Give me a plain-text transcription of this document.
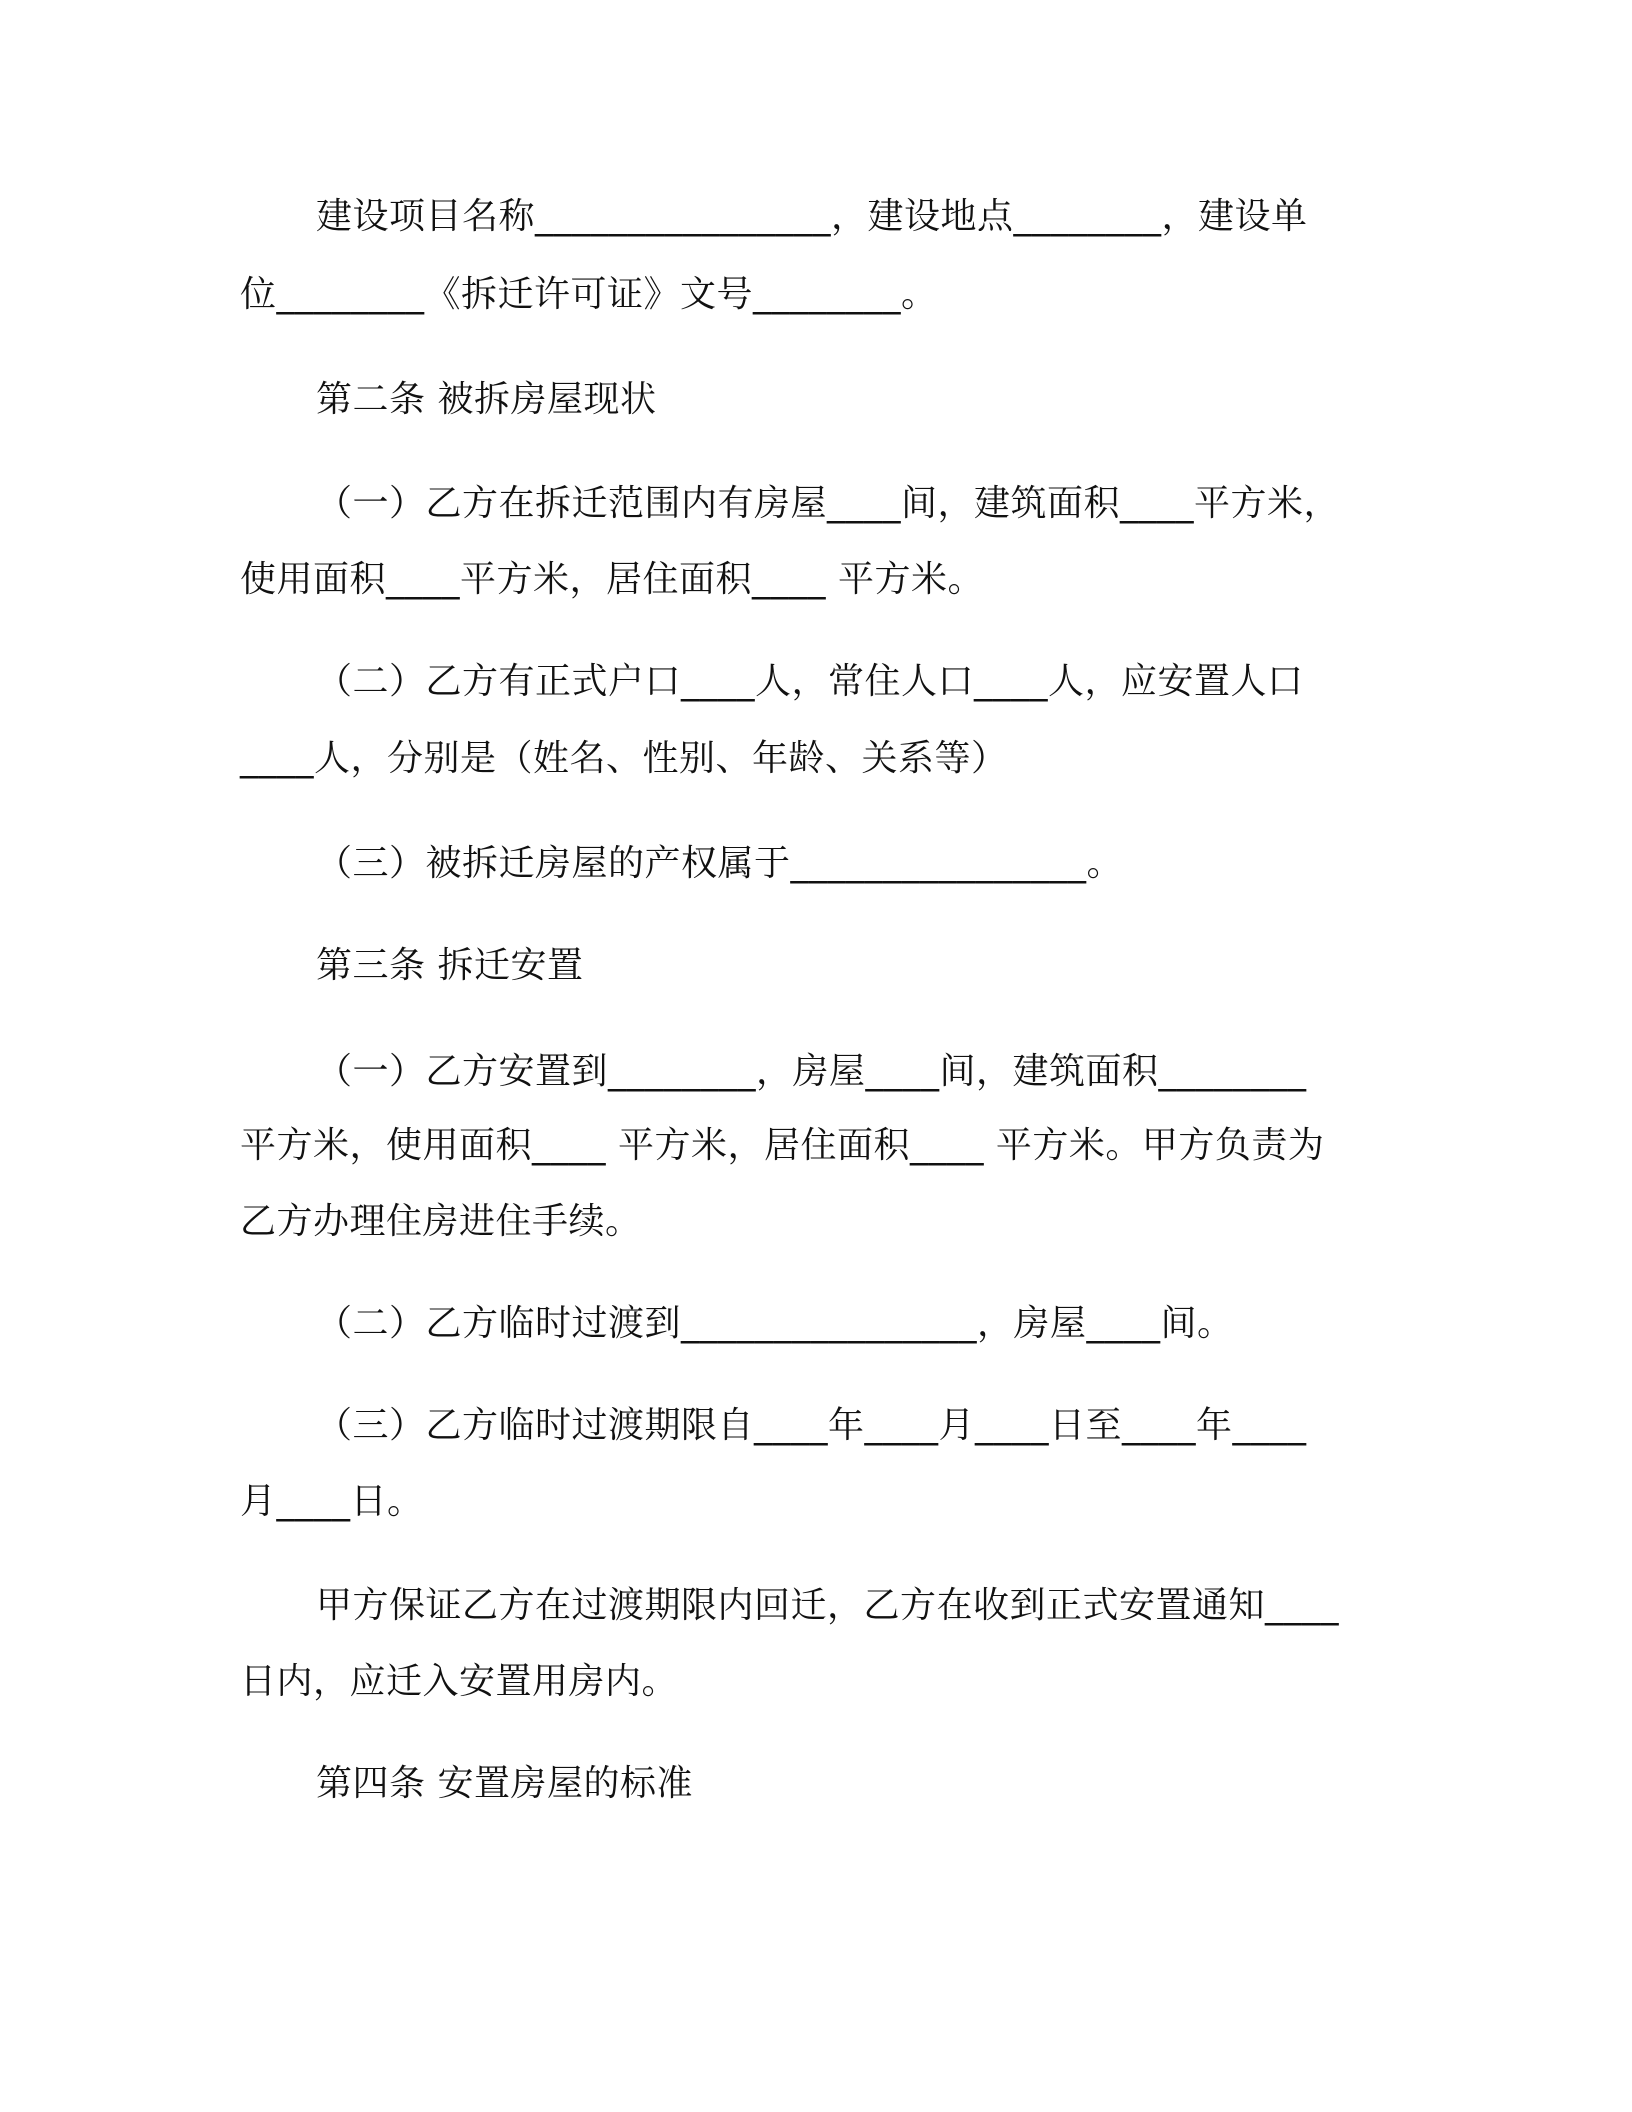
建设项目名称________________，建设地点________，建设单
位________《拆迁许可证》文号________。
第二条 被拆房屋现状
（一）乙方在拆迁范围内有房屋____间，建筑面积____平方米，
使用面积____平方米，居住面积____ 平方米。
（二）乙方有正式户口____人，常住人口____人，应安置人口
____人，分别是（姓名、性别、年龄、关系等）
（三）被拆迁房屋的产权属于________________。
第三条 拆迁安置
（一）乙方安置到________，房屋____间，建筑面积________
平方米，使用面积____ 平方米，居住面积____ 平方米。甲方负责为
乙方办理住房进住手续。
（二）乙方临时过渡到________________，房屋____间。
（三）乙方临时过渡期限自____年____月____日至____年____
月____日。
甲方保证乙方在过渡期限内回迁，乙方在收到正式安置通知____
日内，应迁入安置用房内。
第四条 安置房屋的标准
